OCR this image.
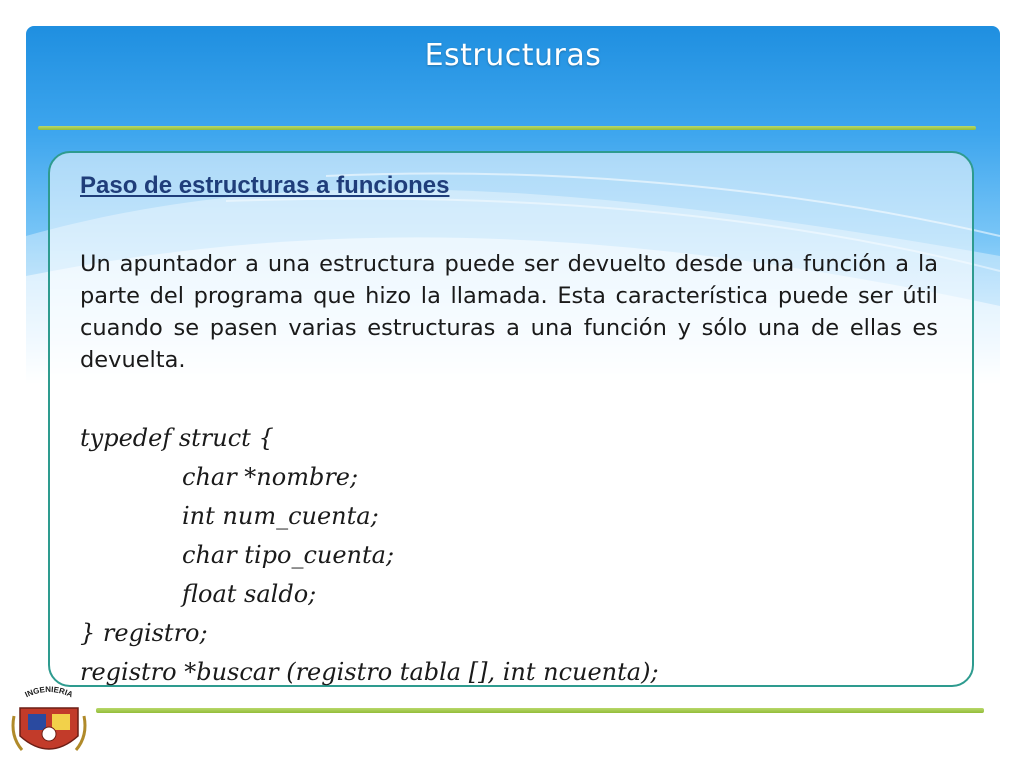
Estructuras
Paso de estructuras a funciones
Un apuntador a una estructura puede ser devuelto desde una función a la parte del programa que hizo la llamada. Esta característica puede ser útil cuando se pasen varias estructuras a una función y sólo una de ellas es devuelta.
typedef struct {
char *nombre;
int num_cuenta;
char tipo_cuenta;
float saldo;
} registro;
registro *buscar (registro tabla [], int ncuenta);
INGENIERIA
